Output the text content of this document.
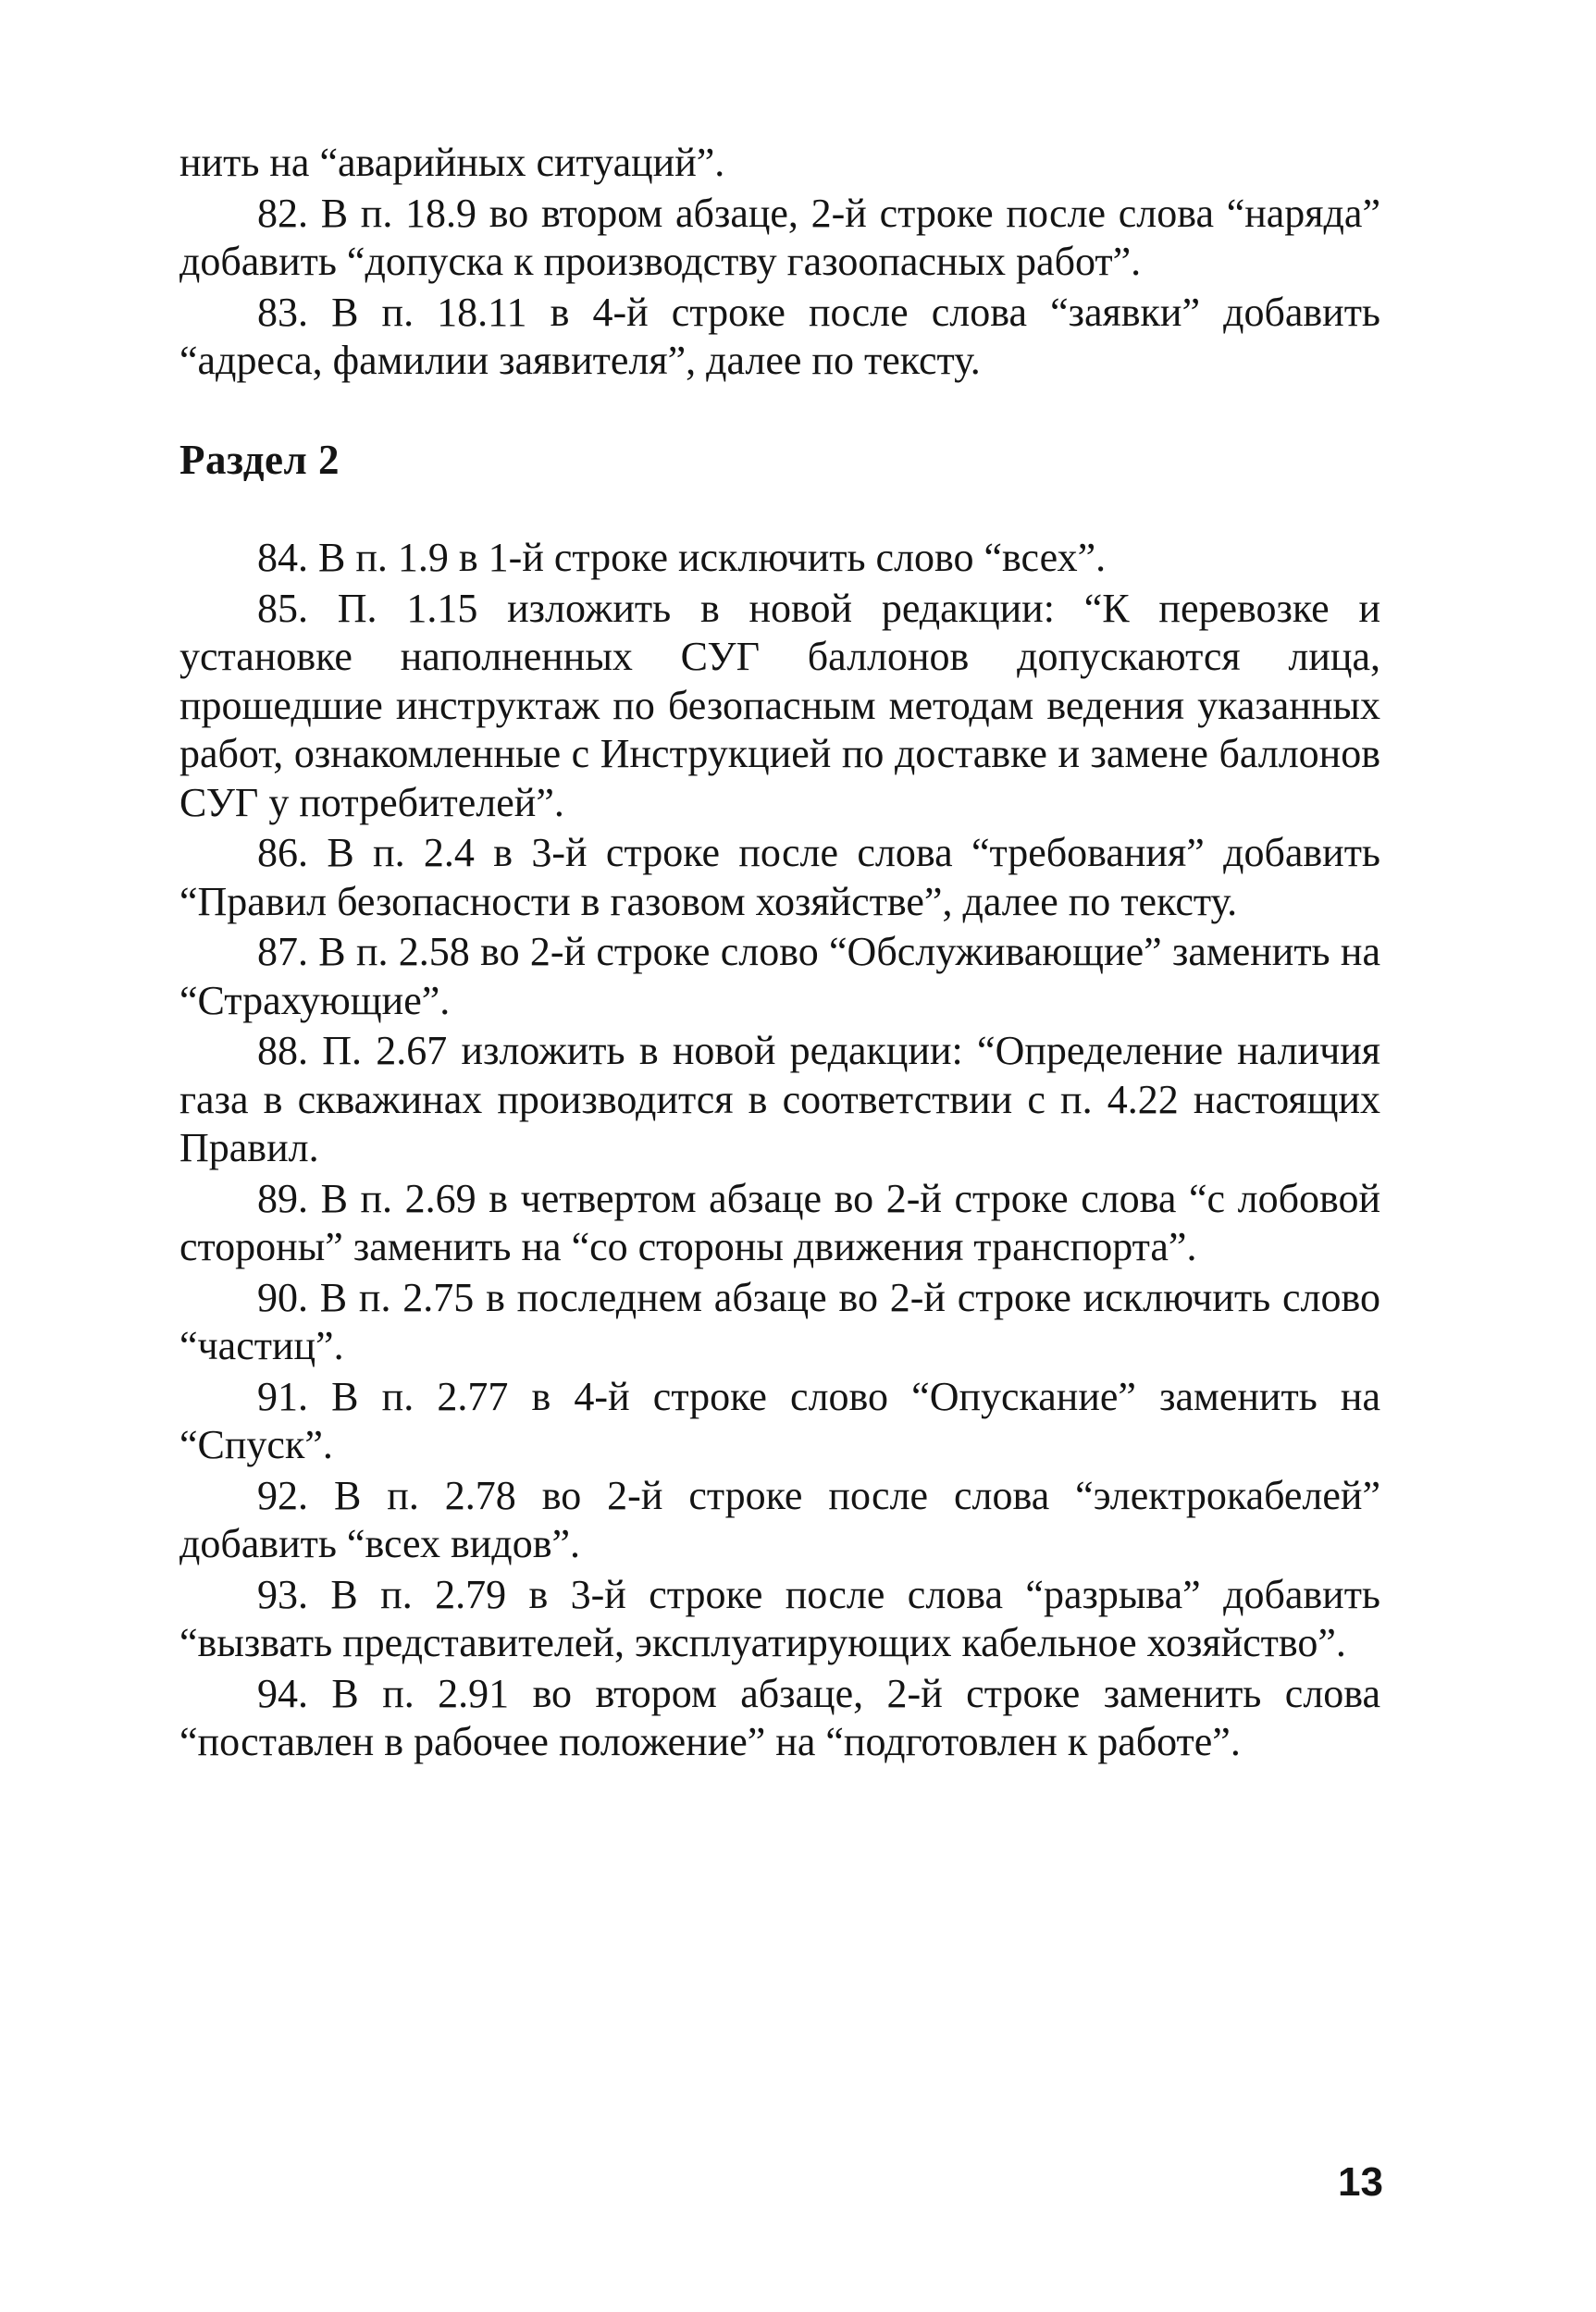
нить на “аварийных ситуаций”.

82. В п. 18.9 во втором абзаце, 2-й строке после слова “наряда” добавить “допуска к производству газоопасных работ”.

83. В п. 18.11 в 4-й строке после слова “заявки” добавить “адреса, фамилии заявителя”, далее по тексту.

Раздел 2

84. В п. 1.9 в 1-й строке исключить слово “всех”.

85. П. 1.15 изложить в новой редакции: “К перевозке и установке наполненных СУГ баллонов допускаются лица, прошедшие инструктаж по безопасным методам ведения указанных работ, ознакомленные с Инструкцией по доставке и замене баллонов СУГ у потребителей”.

86. В п. 2.4 в 3-й строке после слова “требования” добавить “Правил безопасности в газовом хозяйстве”, далее по тексту.

87. В п. 2.58 во 2-й строке слово “Обслуживающие” заменить на “Страхующие”.

88. П. 2.67 изложить в новой редакции: “Определение наличия газа в скважинах производится в соответствии с п. 4.22 настоящих Правил.

89. В п. 2.69 в четвертом абзаце во 2-й строке слова “с лобовой стороны” заменить на “со стороны движения транспорта”.

90. В п. 2.75 в последнем абзаце во 2-й строке исключить слово “частиц”.

91. В п. 2.77 в 4-й строке слово “Опускание” заменить на “Спуск”.

92. В п. 2.78 во 2-й строке после слова “электрокабелей” добавить “всех видов”.

93. В п. 2.79 в 3-й строке после слова “разрыва” добавить “вызвать представителей, эксплуатирующих кабельное хозяйство”.

94. В п. 2.91 во втором абзаце, 2-й строке заменить слова “поставлен в рабочее положение” на “подготовлен к работе”.

13
